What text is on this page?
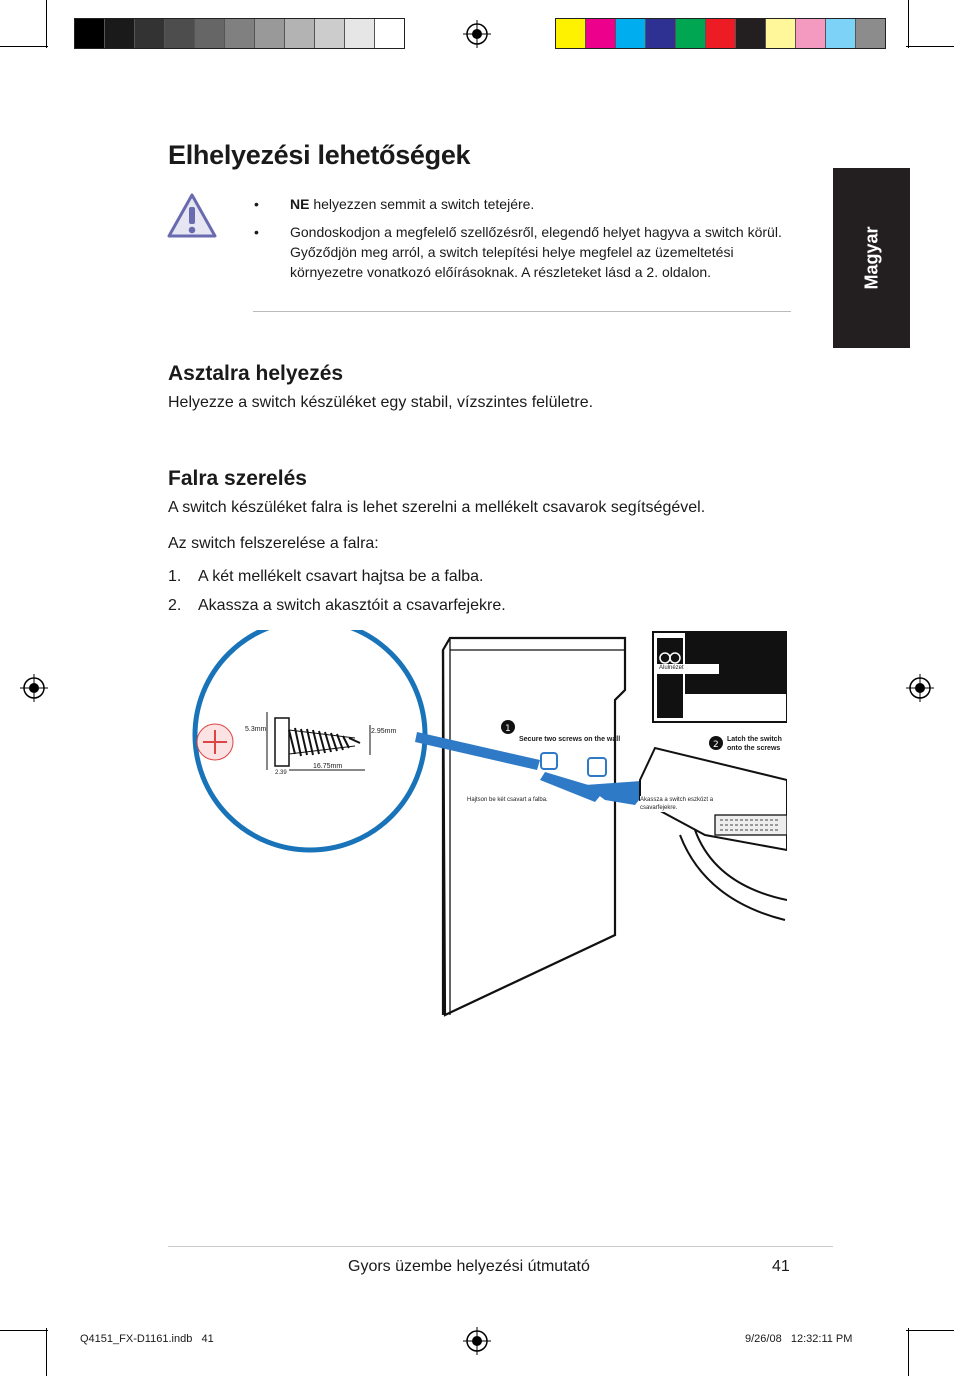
Magyar
Elhelyezési lehetőségek
•	NE helyezzen semmit a switch tetejére.
•	Gondoskodjon a megfelelő szellőzésről, elegendő helyet hagyva a switch körül. Győződjön meg arról, a switch telepítési helye megfelel az üzemeltetési környezetre vonatkozó előírásoknak. A részleteket lásd a 2. oldalon.
Asztalra helyezés
Helyezze a switch készüléket egy stabil, vízszintes felületre.
Falra szerelés
A switch készüléket falra is lehet szerelni a mellékelt csavarok segítségével.
Az switch felszerelése a falra:
1.	A két mellékelt csavart hajtsa be a falba.
2.	Akassza a switch akasztóit a csavarfejekre.
1
2
5.3mm	2.95mm
16.75mm
2.39
Secure two screws on the wall	Latch the switch
onto the screws
Hajtson be két csavart a falba.	Akassza a switch eszközt a csavarfejekre.
Alulnézet
Gyors üzembe helyezési útmutató	41
Q4151_FX-D1161.indb   41	9/26/08   12:32:11 PM
